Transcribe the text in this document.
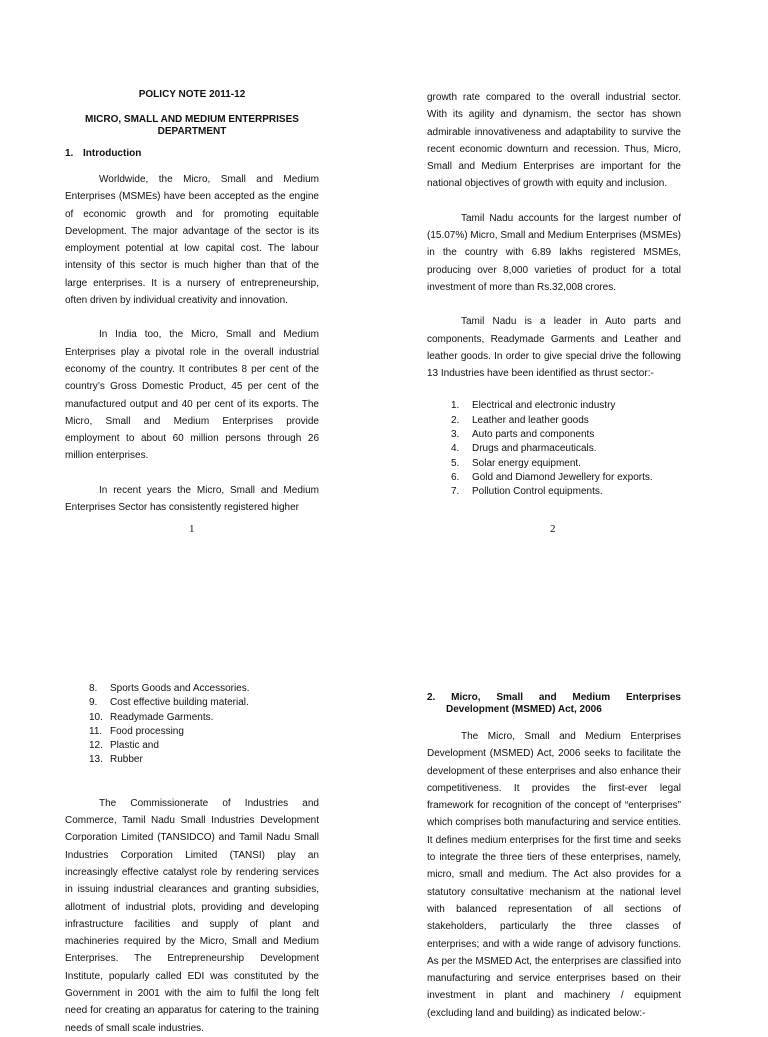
POLICY NOTE 2011-12

MICRO, SMALL AND MEDIUM ENTERPRISES

DEPARTMENT

1. Introduction

Worldwide, the Micro, Small and Medium Enterprises (MSMEs) have been accepted as the engine of economic growth and for promoting equitable Development. The major advantage of the sector is its employment potential at low capital cost. The labour intensity of this sector is much higher than that of the large enterprises. It is a nursery of entrepreneurship, often driven by individual creativity and innovation.

In India too, the Micro, Small and Medium Enterprises play a pivotal role in the overall industrial economy of the country. It contributes 8 per cent of the country’s Gross Domestic Product, 45 per cent of the manufactured output and 40 per cent of its exports. The Micro, Small and Medium Enterprises provide employment to about 60 million persons through 26 million enterprises.

In recent years the Micro, Small and Medium Enterprises Sector has consistently registered higher

1

growth rate compared to the overall industrial sector. With its agility and dynamism, the sector has shown admirable innovativeness and adaptability to survive the recent economic downturn and recession. Thus, Micro, Small and Medium Enterprises are important for the national objectives of growth with equity and inclusion.

Tamil Nadu accounts for the largest number of (15.07%) Micro, Small and Medium Enterprises (MSMEs) in the country with 6.89 lakhs registered MSMEs, producing over 8,000 varieties of product for a total investment of more than Rs.32,008 crores.

Tamil Nadu is a leader in Auto parts and components, Readymade Garments and Leather and leather goods. In order to give special drive the following 13 Industries have been identified as thrust sector:-

1. Electrical and electronic industry
2. Leather and leather goods
3. Auto parts and components
4. Drugs and pharmaceuticals.
5. Solar energy equipment.
6. Gold and Diamond Jewellery for exports.
7. Pollution Control equipments.
2
8. Sports Goods and Accessories.
9. Cost effective building material.
10. Readymade Garments.
11. Food processing
12. Plastic and
13. Rubber

The Commissionerate of Industries and Commerce, Tamil Nadu Small Industries Development Corporation Limited (TANSIDCO) and Tamil Nadu Small Industries Corporation Limited (TANSI) play an increasingly effective catalyst role by rendering services in issuing industrial clearances and granting subsidies, allotment of industrial plots, providing and developing infrastructure facilities and supply of plant and machineries required by the Micro, Small and Medium Enterprises. The Entrepreneurship Development Institute, popularly called EDI was constituted by the Government in 2001 with the aim to fulfil the long felt need for creating an apparatus for catering to the training needs of small scale industries.

2. Micro, Small and Medium Enterprises
Development (MSMED) Act, 2006

The Micro, Small and Medium Enterprises Development (MSMED) Act, 2006 seeks to facilitate the development of these enterprises and also enhance their competitiveness. It provides the first-ever legal framework for recognition of the concept of “enterprises” which comprises both manufacturing and service entities. It defines medium enterprises for the first time and seeks to integrate the three tiers of these enterprises, namely, micro, small and medium. The Act also provides for a statutory consultative mechanism at the national level with balanced representation of all sections of stakeholders, particularly the three classes of enterprises; and with a wide range of advisory functions. As per the MSMED Act, the enterprises are classified into manufacturing and service enterprises based on their investment in plant and machinery / equipment (excluding land and building) as indicated below:-
